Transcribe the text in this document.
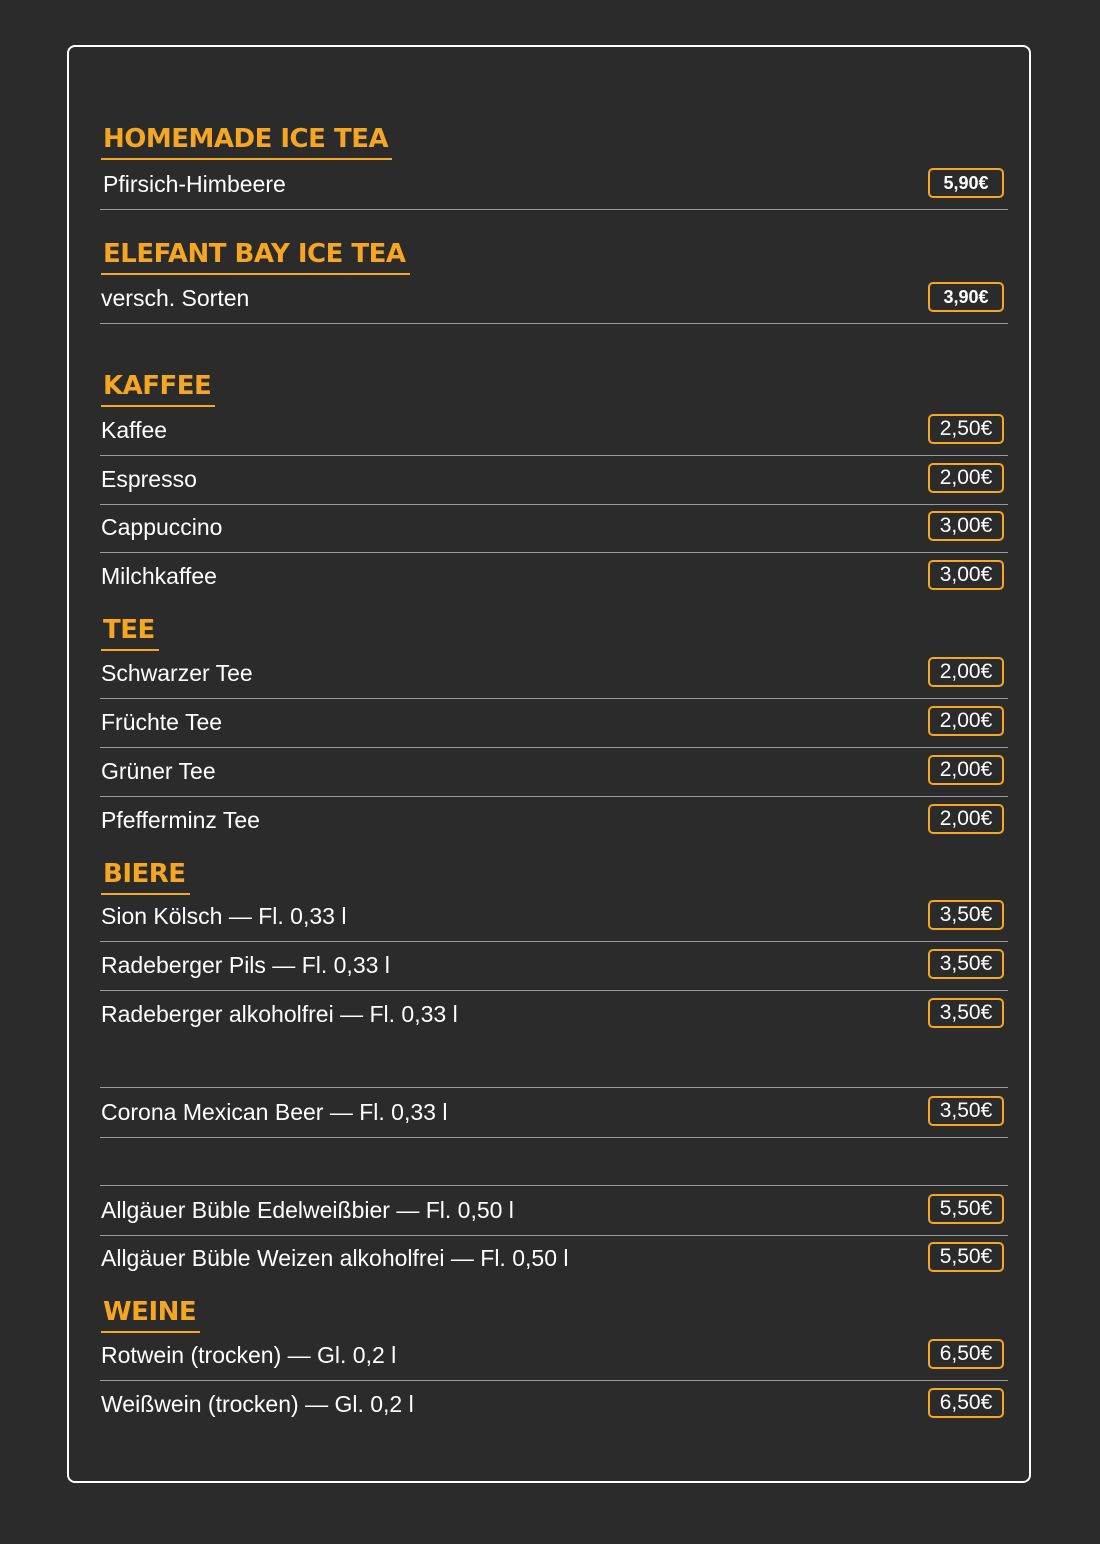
HOMEMADE ICE TEA
Pfirsich-Himbeere	5,90€
ELEFANT BAY ICE TEA
versch. Sorten	3,90€
KAFFEE
Kaffee	2,50€
Espresso	2,00€
Cappuccino	3,00€
Milchkaffee	3,00€
TEE
Schwarzer Tee	2,00€
Früchte Tee	2,00€
Grüner Tee	2,00€
Pfefferminz Tee	2,00€
BIERE
Sion Kölsch — Fl. 0,33 l	3,50€
Radeberger Pils — Fl. 0,33 l	3,50€
Radeberger alkoholfrei — Fl. 0,33 l	3,50€
Corona Mexican Beer — Fl. 0,33 l	3,50€
Allgäuer Büble Edelweißbier — Fl. 0,50 l	5,50€
Allgäuer Büble Weizen alkoholfrei — Fl. 0,50 l	5,50€
WEINE
Rotwein (trocken) — Gl. 0,2 l	6,50€
Weißwein (trocken) — Gl. 0,2 l	6,50€
